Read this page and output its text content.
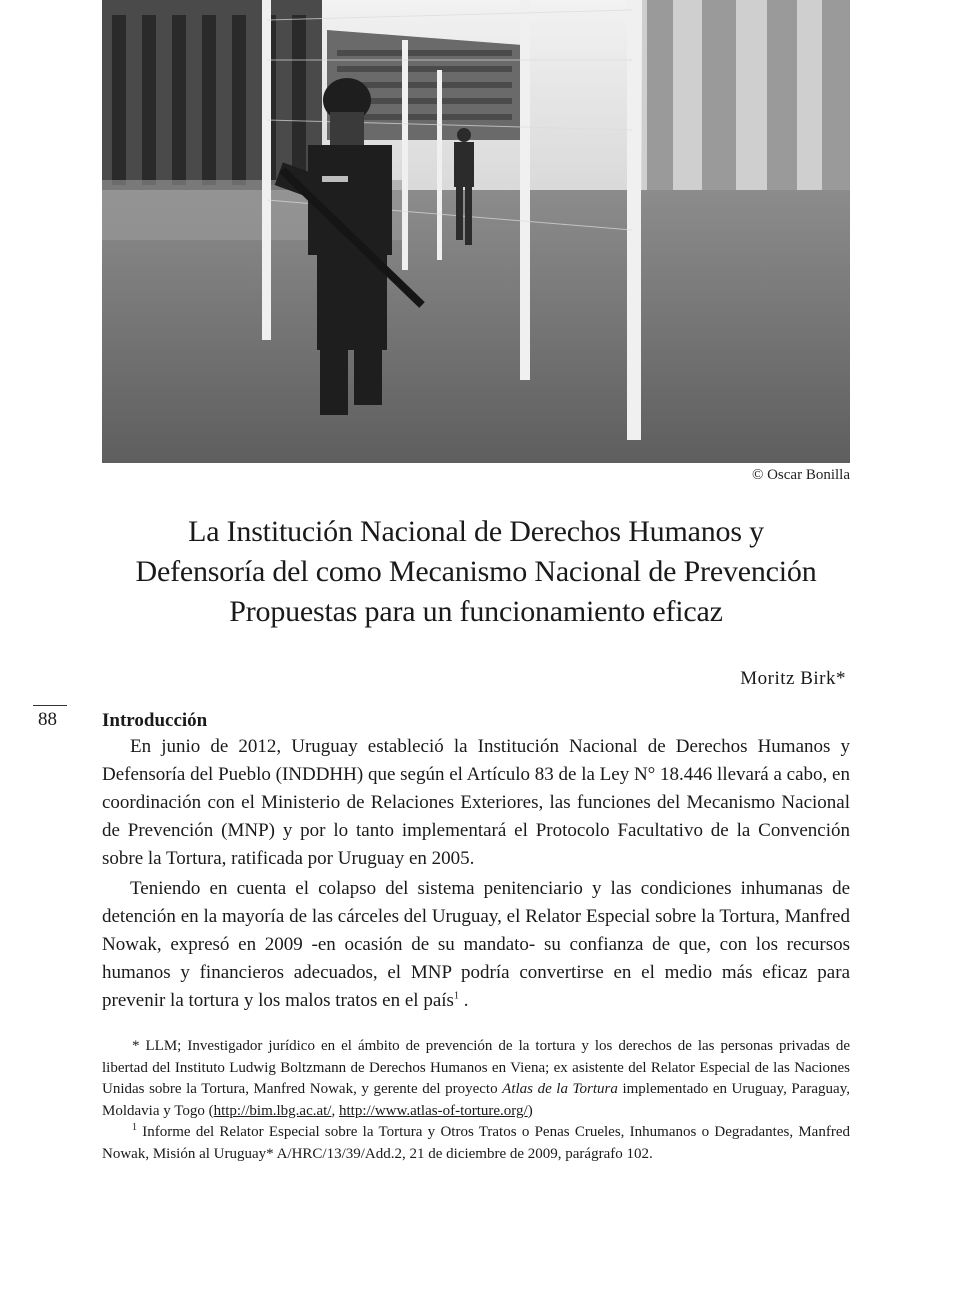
© Oscar Bonilla
La Institución Nacional de Derechos Humanos y
Defensoría del como Mecanismo Nacional de Prevención
Propuestas para un funcionamiento eficaz
Moritz Birk*
88 Introducción

En junio de 2012, Uruguay estableció la Institución Nacional de Derechos Humanos y Defensoría del Pueblo (INDDHH) que según el Artículo 83 de la Ley N° 18.446 llevará a cabo, en coordinación con el Ministerio de Relaciones Exteriores, las funciones del Mecanismo Nacional de Prevención (MNP) y por lo tanto implementará el Protocolo Facultativo de la Convención sobre la Tortura, ratificada por Uruguay en 2005.

Teniendo en cuenta el colapso del sistema penitenciario y las condiciones inhumanas de detención en la mayoría de las cárceles del Uruguay, el Relator Especial sobre la Tortura, Manfred Nowak, expresó en 2009 -en ocasión de su mandato- su confianza de que, con los recursos humanos y financieros adecuados, el MNP podría convertirse en el medio más eficaz para prevenir la tortura y los malos tratos en el país$^1$ .

* LLM; Investigador jurídico en el ámbito de prevención de la tortura y los derechos de las personas privadas de libertad del Instituto Ludwig Boltzmann de Derechos Humanos en Viena; ex asistente del Relator Especial de las Naciones Unidas sobre la Tortura, Manfred Nowak, y gerente del proyecto Atlas de la Tortura implementado en Uruguay, Paraguay, Moldavia y Togo (http://bim.lbg.ac.at/, http://www.atlas-of-torture.org/)

$^1$ Informe del Relator Especial sobre la Tortura y Otros Tratos o Penas Crueles, Inhumanos o Degradantes, Manfred Nowak, Misión al Uruguay* A/HRC/13/39/Add.2, 21 de diciembre de 2009, parágrafo 102.
